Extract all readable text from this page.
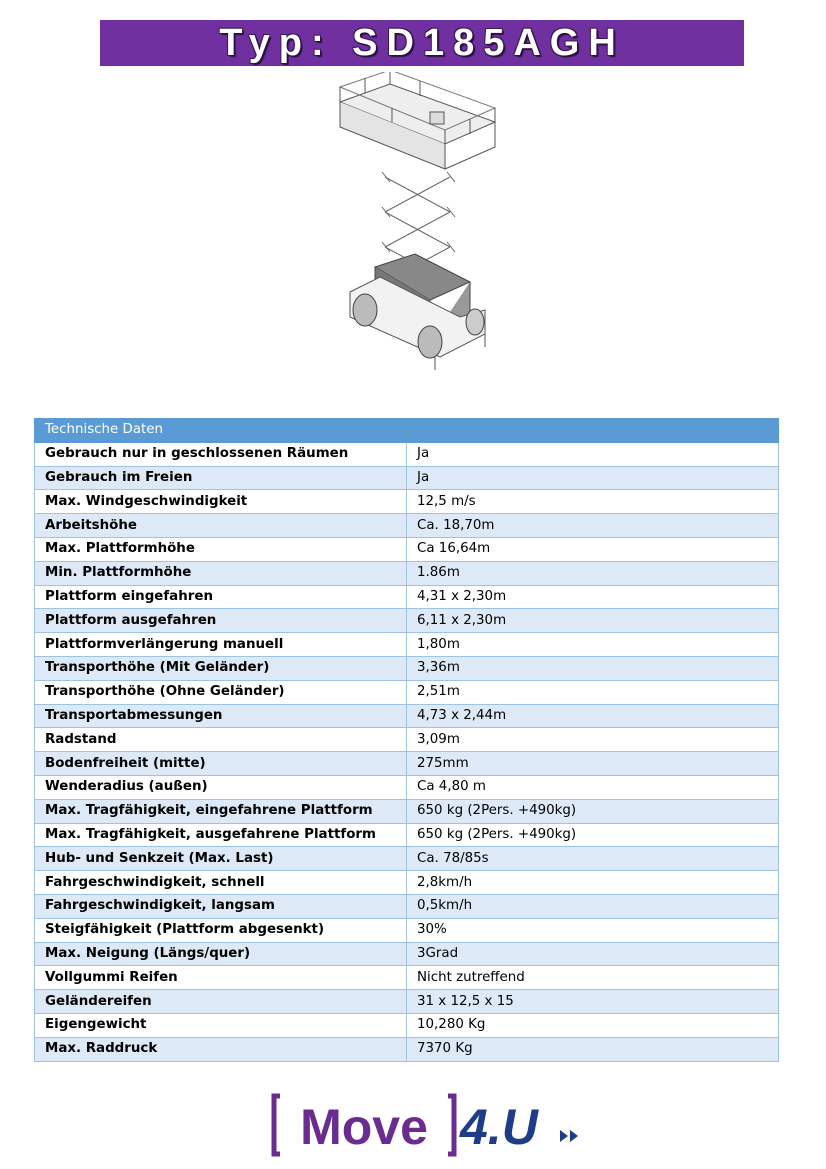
Typ: SD185AGH
Technische Daten	
Gebrauch nur in geschlossenen Räumen	Ja
Gebrauch im Freien	Ja
Max. Windgeschwindigkeit	12,5 m/s
Arbeitshöhe	Ca. 18,70m
Max. Plattformhöhe	Ca 16,64m
Min. Plattformhöhe	1.86m
Plattform eingefahren	4,31 x 2,30m
Plattform ausgefahren	6,11 x 2,30m
Plattformverlängerung manuell	1,80m
Transporthöhe (Mit Geländer)	3,36m
Transporthöhe (Ohne Geländer)	2,51m
Transportabmessungen	4,73 x 2,44m
Radstand	3,09m
Bodenfreiheit (mitte)	275mm
Wenderadius (außen)	Ca 4,80 m
Max. Tragfähigkeit, eingefahrene Plattform	650 kg (2Pers. +490kg)
Max. Tragfähigkeit, ausgefahrene Plattform	650 kg (2Pers. +490kg)
Hub- und Senkzeit (Max. Last)	Ca. 78/85s
Fahrgeschwindigkeit, schnell	2,8km/h
Fahrgeschwindigkeit, langsam	0,5km/h
Steigfähigkeit (Plattform abgesenkt)	30%
Max. Neigung (Längs/quer)	3Grad
Vollgummi Reifen	Nicht zutreffend
Geländereifen	31 x 12,5 x 15
Eigengewicht	10,280 Kg
Max. Raddruck	7370 Kg
Move 4.U
